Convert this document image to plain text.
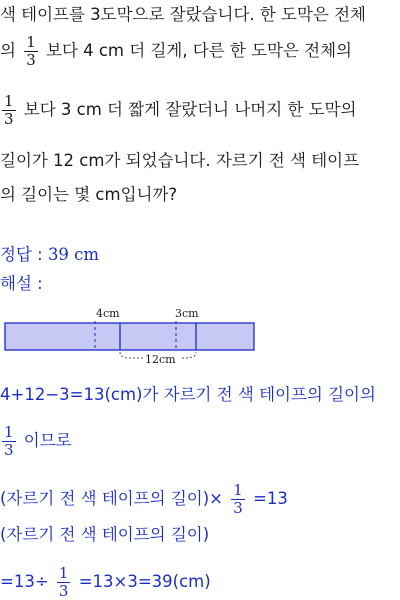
색 테이프를 3도막으로 잘랐습니다. 한 도막은 전체
의 $\frac{1}{3}$ 보다 4 cm 더 길게, 다른 한 도막은 전체의
$\frac{1}{3}$ 보다 3 cm 더 짧게 잘랐더니 나머지 한 도막의
길이가 12 cm가 되었습니다. 자르기 전 색 테이프
의 길이는 몇 cm입니까?
정답 : 39 cm
해설 :
4cm	3cm
12cm
4+12−3=13(cm)가 자르기 전 색 테이프의 길이의
$\frac{1}{3}$ 이므로
(자르기 전 색 테이프의 길이)× $\frac{1}{3} =13$
(자르기 전 색 테이프의 길이)
$=13\div \frac{1}{3} =13\times 3=39(cm)$
